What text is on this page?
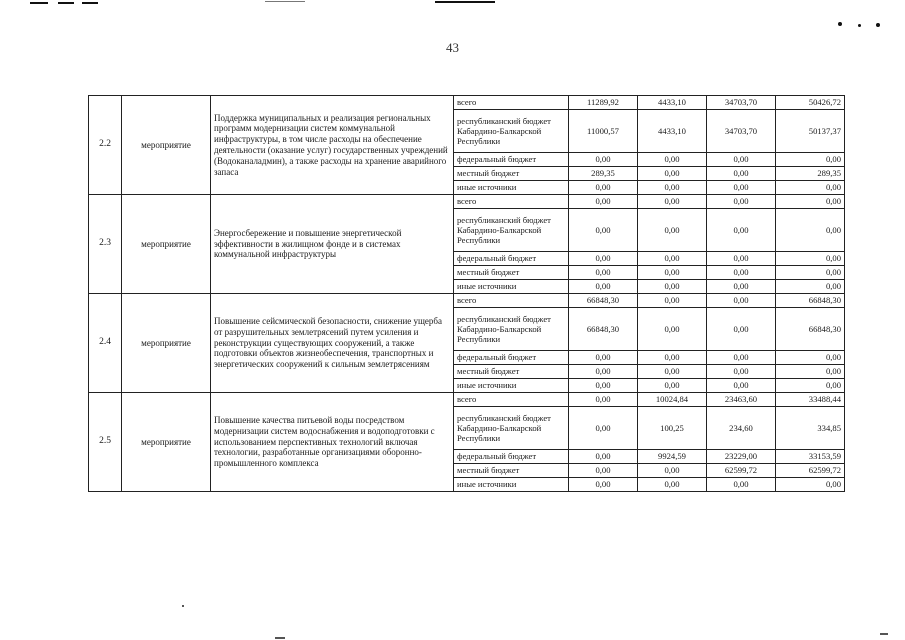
43
2.2	мероприятие	Поддержка муниципальных и реализация региональных программ модернизации систем коммунальной инфраструктуры, в том числе расходы на обеспечение деятельности (оказание услуг) государственных учреждений (Водоканаладмин), а также расходы на хранение аварийного запаса	всего	11289,92	4433,10	34703,70	50426,72
			республиканский бюджет Кабардино-Балкарской Республики	11000,57	4433,10	34703,70	50137,37
			федеральный бюджет	0,00	0,00	0,00	0,00
			местный бюджет	289,35	0,00	0,00	289,35
			иные источники	0,00	0,00	0,00	0,00
2.3	мероприятие	Энергосбережение и повышение энергетической эффективности в жилищном фонде и в системах коммунальной инфраструктуры	всего	0,00	0,00	0,00	0,00
			республиканский бюджет Кабардино-Балкарской Республики	0,00	0,00	0,00	0,00
			федеральный бюджет	0,00	0,00	0,00	0,00
			местный бюджет	0,00	0,00	0,00	0,00
			иные источники	0,00	0,00	0,00	0,00
2.4	мероприятие	Повышение сейсмической безопасности, снижение ущерба от разрушительных землетрясений путем усиления и реконструкции существующих сооружений, а также подготовки объектов жизнеобеспечения, транспортных и энергетических сооружений к сильным землетрясениям	всего	66848,30	0,00	0,00	66848,30
			республиканский бюджет Кабардино-Балкарской Республики	66848,30	0,00	0,00	66848,30
			федеральный бюджет	0,00	0,00	0,00	0,00
			местный бюджет	0,00	0,00	0,00	0,00
			иные источники	0,00	0,00	0,00	0,00
2.5	мероприятие	Повышение качества питьевой воды посредством модернизации систем водоснабжения и водоподготовки с использованием перспективных технологий включая технологии, разработанные организациями оборонно-промышленного комплекса	всего	0,00	10024,84	23463,60	33488,44
			республиканский бюджет Кабардино-Балкарской Республики	0,00	100,25	234,60	334,85
			федеральный бюджет	0,00	9924,59	23229,00	33153,59
			местный бюджет	0,00	0,00	62599,72	62599,72
			иные источники	0,00	0,00	0,00	0,00
